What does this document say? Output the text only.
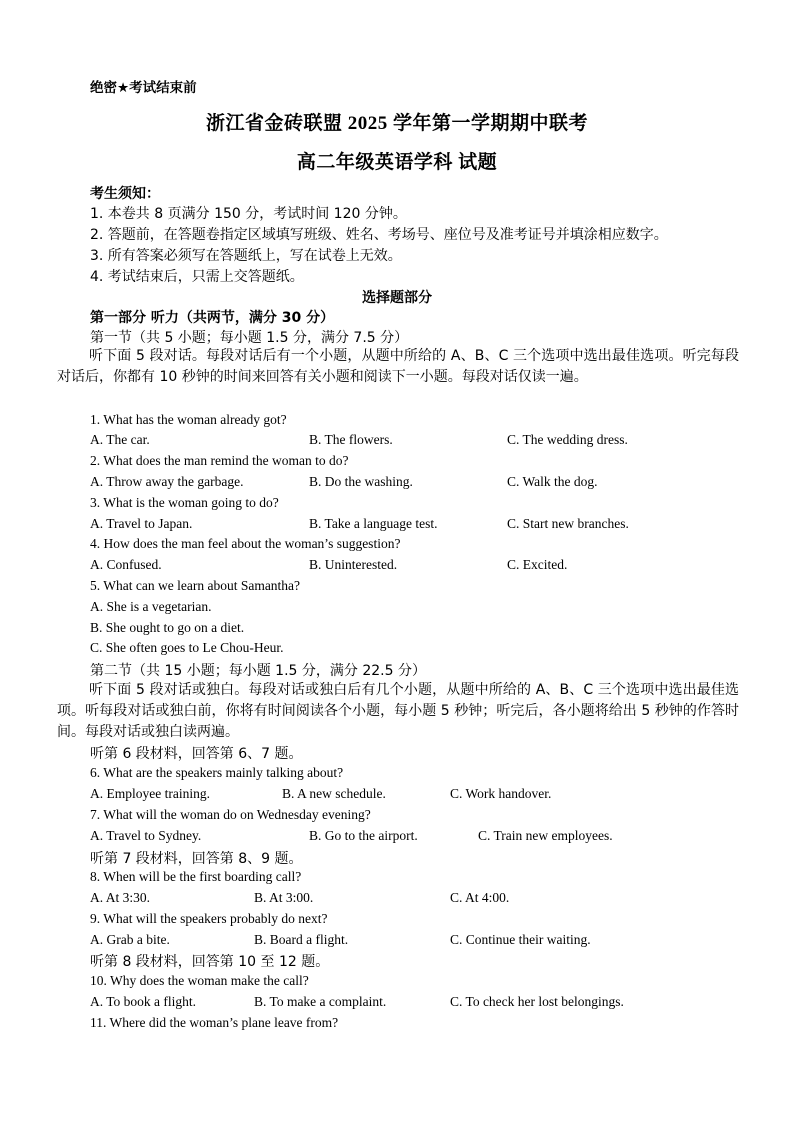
绝密★考试结束前
浙江省金砖联盟 2025 学年第一学期期中联考
高二年级英语学科 试题
考生须知：
1. 本卷共 8 页满分 150 分，考试时间 120 分钟。
2. 答题前，在答题卷指定区域填写班级、姓名、考场号、座位号及准考证号并填涂相应数字。
3. 所有答案必须写在答题纸上，写在试卷上无效。
4. 考试结束后，只需上交答题纸。
选择题部分
第一部分 听力（共两节，满分 30 分）
第一节（共 5 小题；每小题 1.5 分，满分 7.5 分）
听下面 5 段对话。每段对话后有一个小题，从题中所给的 A、B、C 三个选项中选出最佳选项。听完每段对话后，你都有 10 秒钟的时间来回答有关小题和阅读下一小题。每段对话仅读一遍。
1. What has the woman already got?
A. The car.	B. The flowers.	C. The wedding dress.
2. What does the man remind the woman to do?
A. Throw away the garbage.	B. Do the washing.	C. Walk the dog.
3. What is the woman going to do?
A. Travel to Japan.	B. Take a language test.	C. Start new branches.
4. How does the man feel about the woman’s suggestion?
A. Confused.	B. Uninterested.	C. Excited.
5. What can we learn about Samantha?
A. She is a vegetarian.
B. She ought to go on a diet.
C. She often goes to Le Chou-Heur.
第二节（共 15 小题；每小题 1.5 分，满分 22.5 分）
听下面 5 段对话或独白。每段对话或独白后有几个小题，从题中所给的 A、B、C 三个选项中选出最佳选项。听每段对话或独白前，你将有时间阅读各个小题，每小题 5 秒钟；听完后，各小题将给出 5 秒钟的作答时间。每段对话或独白读两遍。
听第 6 段材料，回答第 6、7 题。
6. What are the speakers mainly talking about?
A. Employee training.	B. A new schedule.	C. Work handover.
7. What will the woman do on Wednesday evening?
A. Travel to Sydney.	B. Go to the airport.	C. Train new employees.
听第 7 段材料，回答第 8、9 题。
8. When will be the first boarding call?
A. At 3:30.	B. At 3:00.	C. At 4:00.
9. What will the speakers probably do next?
A. Grab a bite.	B. Board a flight.	C. Continue their waiting.
听第 8 段材料，回答第 10 至 12 题。
10. Why does the woman make the call?
A. To book a flight.	B. To make a complaint.	C. To check her lost belongings.
11. Where did the woman’s plane leave from?
